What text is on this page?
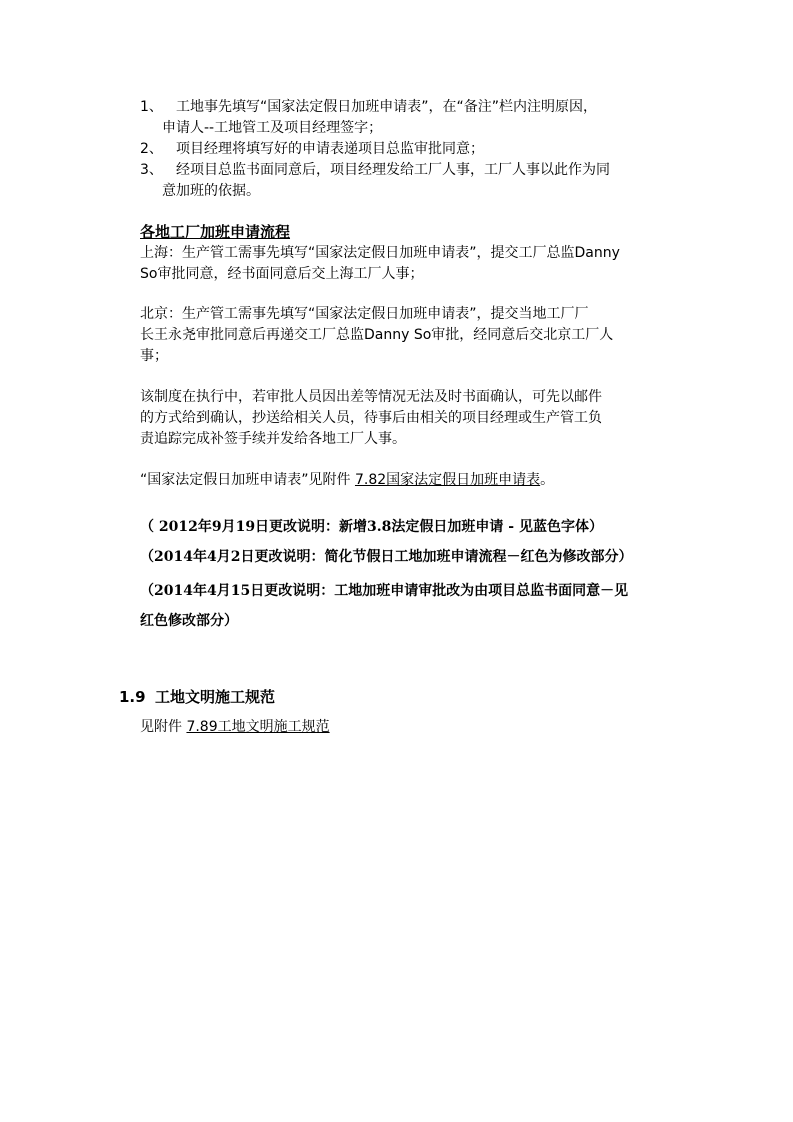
1、 工地事先填写“国家法定假日加班申请表”，在“备注”栏内注明原因，
申请人--工地管工及项目经理签字；
2、 项目经理将填写好的申请表递项目总监审批同意；
3、 经项目总监书面同意后，项目经理发给工厂人事，工厂人事以此作为同
意加班的依据。
各地工厂加班申请流程
上海：生产管工需事先填写“国家法定假日加班申请表”，提交工厂总监Danny
So审批同意，经书面同意后交上海工厂人事；
北京：生产管工需事先填写“国家法定假日加班申请表”，提交当地工厂厂
长王永尧审批同意后再递交工厂总监Danny So审批，经同意后交北京工厂人
事；
该制度在执行中，若审批人员因出差等情况无法及时书面确认，可先以邮件
的方式给到确认，抄送给相关人员，待事后由相关的项目经理或生产管工负
责追踪完成补签手续并发给各地工厂人事。
“国家法定假日加班申请表”见附件 7.82国家法定假日加班申请表。
（ 2012年9月19日更改说明：新增3.8法定假日加班申请 - 见蓝色字体）
（2014年4月2日更改说明：简化节假日工地加班申请流程－红色为修改部分）
（2014年4月15日更改说明：工地加班申请审批改为由项目总监书面同意－见
红色修改部分）
1.9 工地文明施工规范
见附件 7.89工地文明施工规范
